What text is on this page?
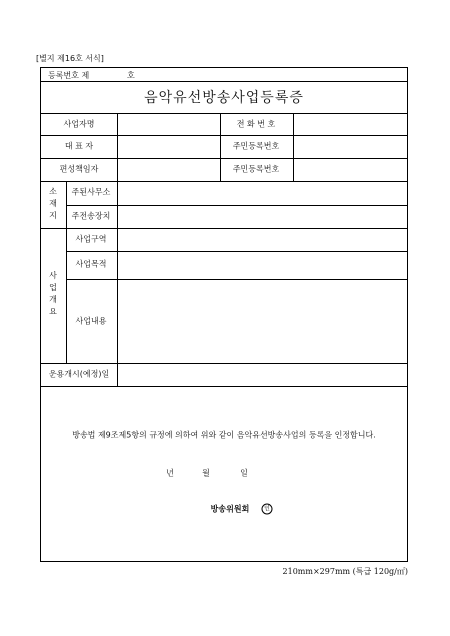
[별지 제16호 서식]
등록번호 제	호
음악유선방송사업등록증
사업자명	전 화 번 호
대 표 자	주민등록번호
편성책임자	주민등록번호
소재지
주된사무소
주전송장치
사업개요
사업구역
사업목적
사업내용
운용개시(예정)일
방송법 제9조제5항의 규정에 의하여 위와 같이 음악유선방송사업의 등록을 인정합니다.
년	월	일
방송위원회	인
210mm×297mm (특급 120g/㎡)
